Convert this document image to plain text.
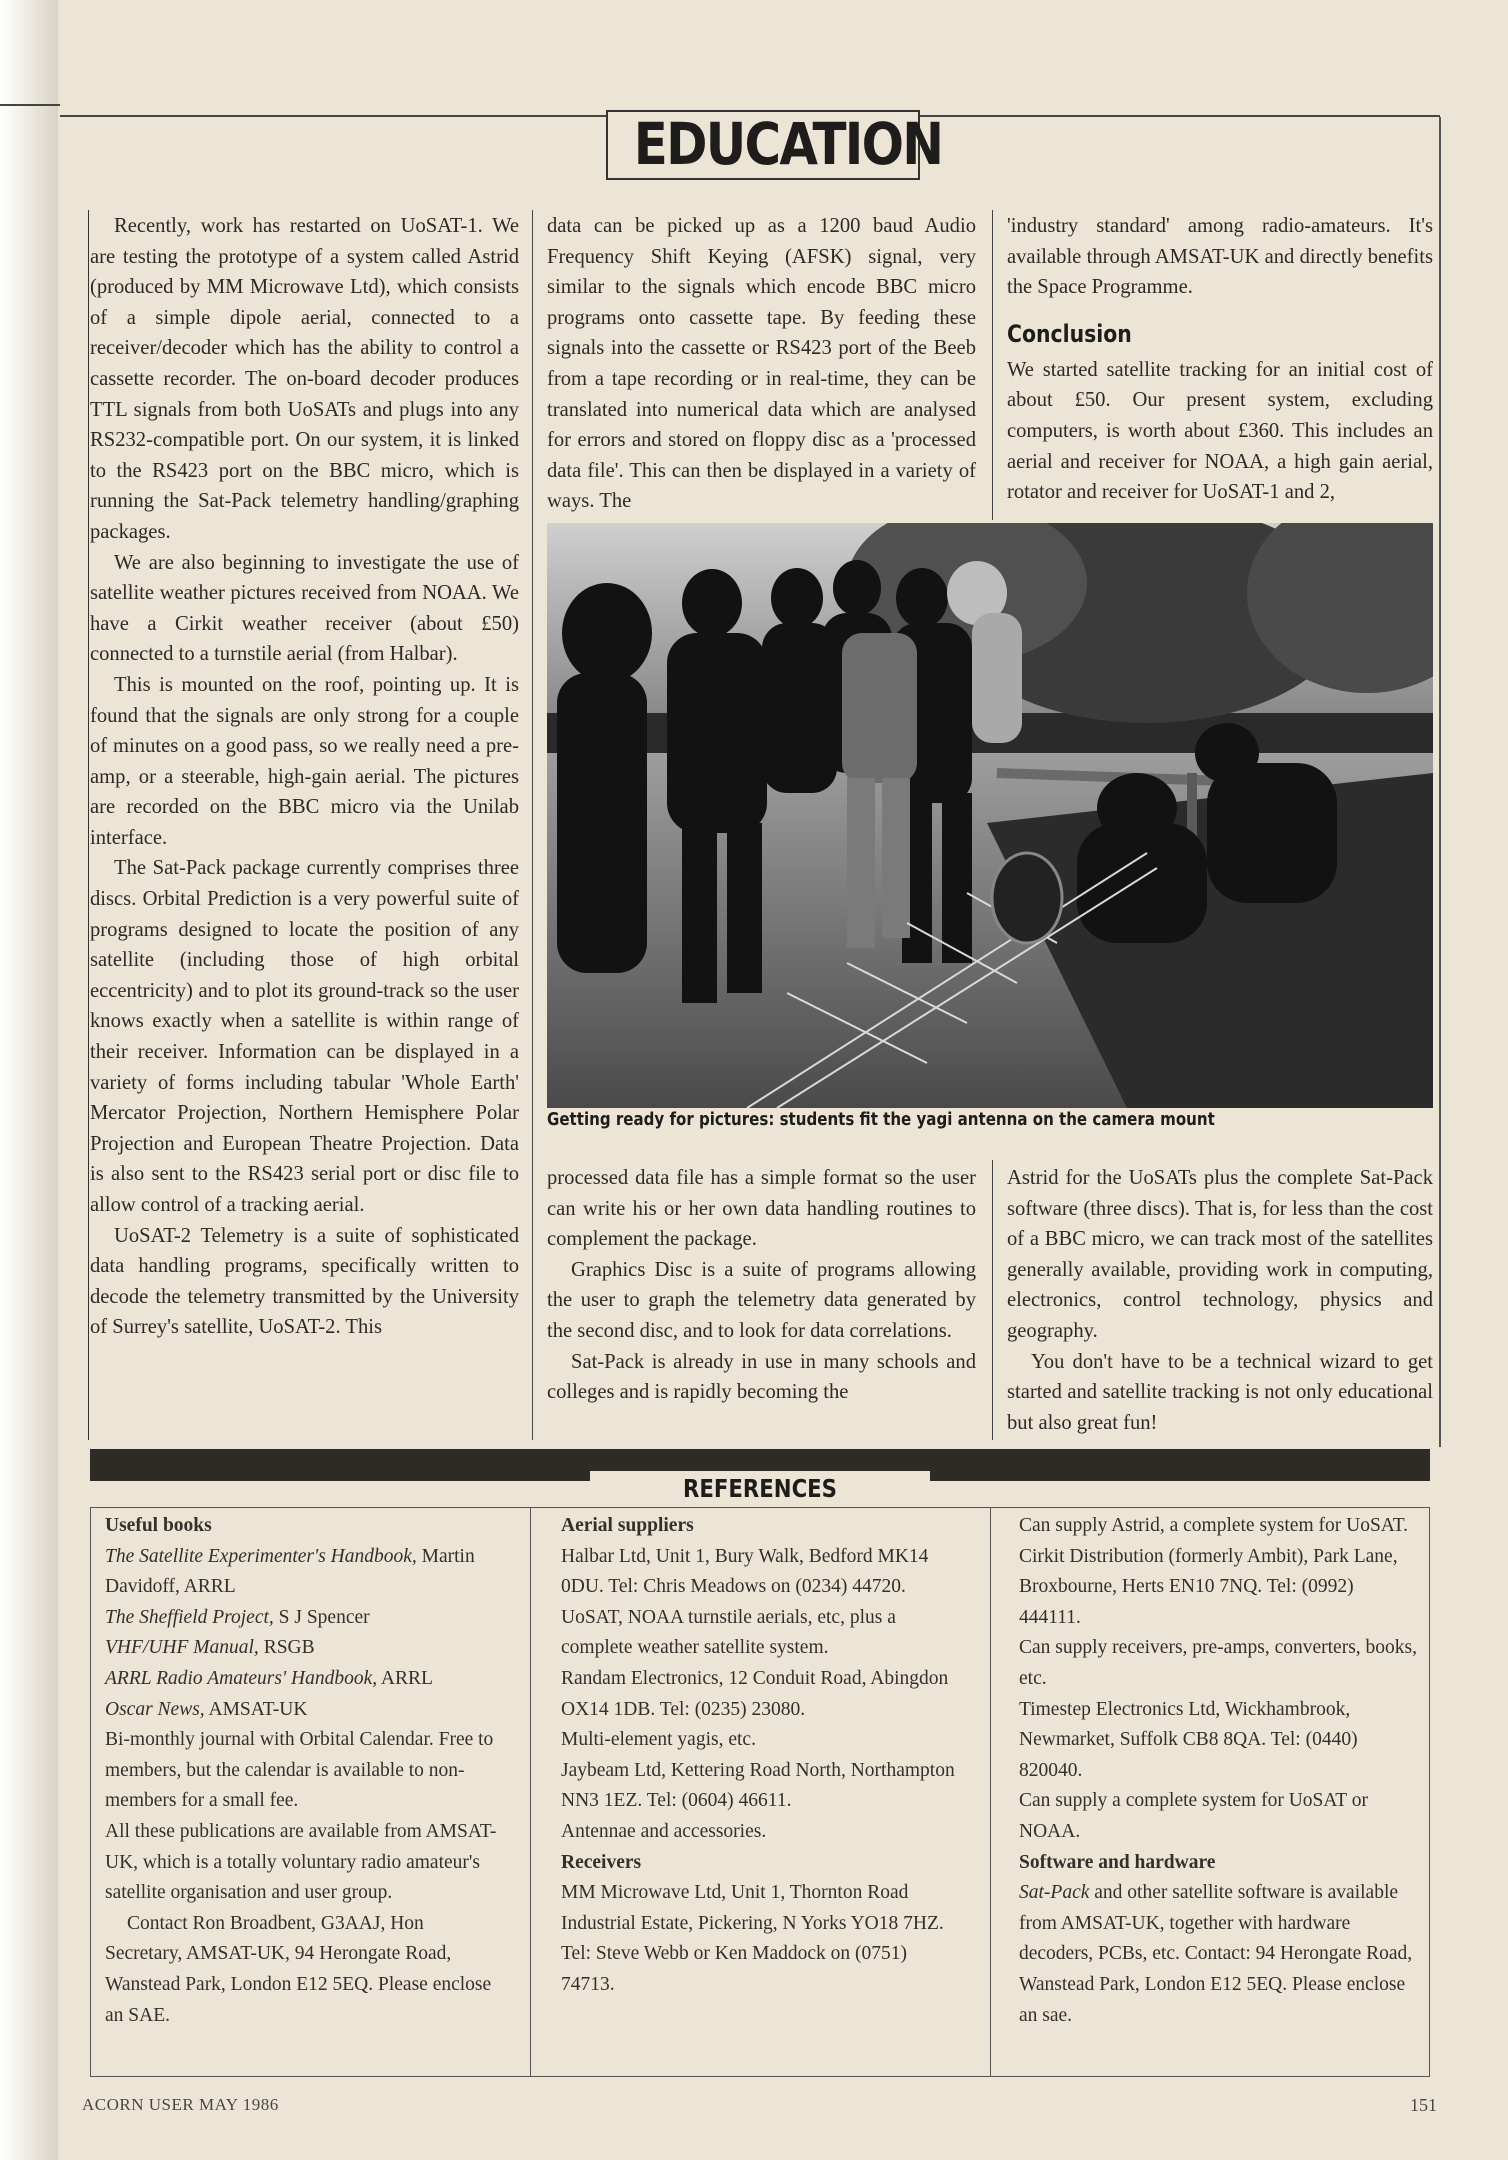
EDUCATION

Recently, work has restarted on UoSAT-1. We are testing the prototype of a system called Astrid (produced by MM Microwave Ltd), which consists of a simple dipole aerial, connected to a receiver/decoder which has the ability to control a cassette recorder. The on-board decoder produces TTL signals from both UoSATs and plugs into any RS232-compatible port. On our system, it is linked to the RS423 port on the BBC micro, which is running the Sat-Pack telemetry handling/graphing packages.

We are also beginning to investigate the use of satellite weather pictures received from NOAA. We have a Cirkit weather receiver (about £50) connected to a turnstile aerial (from Halbar).

This is mounted on the roof, pointing up. It is found that the signals are only strong for a couple of minutes on a good pass, so we really need a pre-amp, or a steerable, high-gain aerial. The pictures are recorded on the BBC micro via the Unilab interface.

The Sat-Pack package currently comprises three discs. Orbital Prediction is a very powerful suite of programs designed to locate the position of any satellite (including those of high orbital eccentricity) and to plot its ground-track so the user knows exactly when a satellite is within range of their receiver. Information can be displayed in a variety of forms including tabular 'Whole Earth' Mercator Projection, Northern Hemisphere Polar Projection and European Theatre Projection. Data is also sent to the RS423 serial port or disc file to allow control of a tracking aerial.

UoSAT-2 Telemetry is a suite of sophisticated data handling programs, specifically written to decode the telemetry transmitted by the University of Surrey's satellite, UoSAT-2. This

data can be picked up as a 1200 baud Audio Frequency Shift Keying (AFSK) signal, very similar to the signals which encode BBC micro programs onto cassette tape. By feeding these signals into the cassette or RS423 port of the Beeb from a tape recording or in real-time, they can be translated into numerical data which are analysed for errors and stored on floppy disc as a 'processed data file'. This can then be displayed in a variety of ways. The

'industry standard' among radio-amateurs. It's available through AMSAT-UK and directly benefits the Space Programme.

Conclusion

We started satellite tracking for an initial cost of about £50. Our present system, excluding computers, is worth about £360. This includes an aerial and receiver for NOAA, a high gain aerial, rotator and receiver for UoSAT-1 and 2,

Getting ready for pictures: students fit the yagi antenna on the camera mount

processed data file has a simple format so the user can write his or her own data handling routines to complement the package.

Graphics Disc is a suite of programs allowing the user to graph the telemetry data generated by the second disc, and to look for data correlations.

Sat-Pack is already in use in many schools and colleges and is rapidly becoming the

Astrid for the UoSATs plus the complete Sat-Pack software (three discs). That is, for less than the cost of a BBC micro, we can track most of the satellites generally available, providing work in computing, electronics, control technology, physics and geography.

You don't have to be a technical wizard to get started and satellite tracking is not only educational but also great fun!

REFERENCES
Useful books
The Satellite Experimenter's Handbook, Martin Davidoff, ARRL
The Sheffield Project, S J Spencer
VHF/UHF Manual, RSGB
ARRL Radio Amateurs' Handbook, ARRL
Oscar News, AMSAT-UK
Bi-monthly journal with Orbital Calendar. Free to members, but the calendar is available to non-members for a small fee.
All these publications are available from AMSAT-UK, which is a totally voluntary radio amateur's satellite organisation and user group.
Contact Ron Broadbent, G3AAJ, Hon Secretary, AMSAT-UK, 94 Herongate Road, Wanstead Park, London E12 5EQ. Please enclose an SAE.
Aerial suppliers
Halbar Ltd, Unit 1, Bury Walk, Bedford MK14 0DU. Tel: Chris Meadows on (0234) 44720.
UoSAT, NOAA turnstile aerials, etc, plus a complete weather satellite system.
Randam Electronics, 12 Conduit Road, Abingdon OX14 1DB. Tel: (0235) 23080.
Multi-element yagis, etc.
Jaybeam Ltd, Kettering Road North, Northampton NN3 1EZ. Tel: (0604) 46611.
Antennae and accessories.
Receivers
MM Microwave Ltd, Unit 1, Thornton Road Industrial Estate, Pickering, N Yorks YO18 7HZ. Tel: Steve Webb or Ken Maddock on (0751) 74713.
Can supply Astrid, a complete system for UoSAT.
Cirkit Distribution (formerly Ambit), Park Lane, Broxbourne, Herts EN10 7NQ. Tel: (0992) 444111.
Can supply receivers, pre-amps, converters, books, etc.
Timestep Electronics Ltd, Wickhambrook, Newmarket, Suffolk CB8 8QA. Tel: (0440) 820040.
Can supply a complete system for UoSAT or NOAA.
Software and hardware
Sat-Pack and other satellite software is available from AMSAT-UK, together with hardware decoders, PCBs, etc. Contact: 94 Herongate Road, Wanstead Park, London E12 5EQ. Please enclose an sae.
ACORN USER MAY 1986	151
